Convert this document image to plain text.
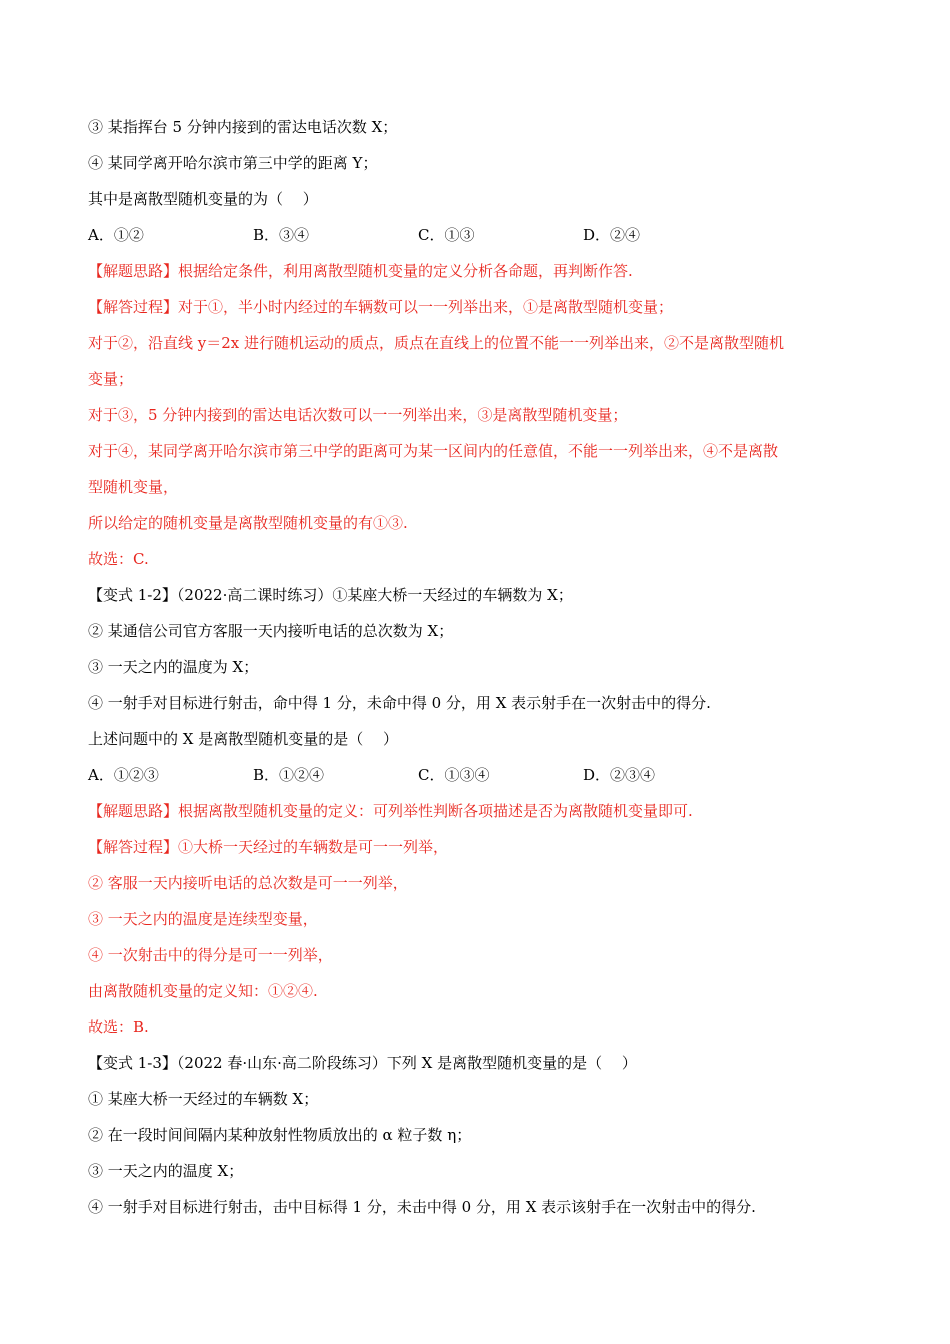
③ 某指挥台 5 分钟内接到的雷达电话次数 X；
④ 某同学离开哈尔滨市第三中学的距离 Y；
其中是离散型随机变量的为（　 ）
A．①②	B．③④	C．①③	D．②④
【解题思路】根据给定条件，利用离散型随机变量的定义分析各命题，再判断作答.
【解答过程】对于①，半小时内经过的车辆数可以一一列举出来，①是离散型随机变量；
对于②，沿直线 y＝2x 进行随机运动的质点，质点在直线上的位置不能一一列举出来，②不是离散型随机
变量；
对于③，5 分钟内接到的雷达电话次数可以一一列举出来，③是离散型随机变量；
对于④，某同学离开哈尔滨市第三中学的距离可为某一区间内的任意值，不能一一列举出来，④不是离散
型随机变量，
所以给定的随机变量是离散型随机变量的有①③.
故选：C.
【变式 1-2】（2022·高二课时练习）①某座大桥一天经过的车辆数为 X；
② 某通信公司官方客服一天内接听电话的总次数为 X；
③ 一天之内的温度为 X；
④ 一射手对目标进行射击，命中得 1 分，未命中得 0 分，用 X 表示射手在一次射击中的得分.
上述问题中的 X 是离散型随机变量的是（　 ）
A．①②③	B．①②④	C．①③④	D．②③④
【解题思路】根据离散型随机变量的定义：可列举性判断各项描述是否为离散随机变量即可.
【解答过程】①大桥一天经过的车辆数是可一一列举，
② 客服一天内接听电话的总次数是可一一列举，
③ 一天之内的温度是连续型变量，
④ 一次射击中的得分是可一一列举，
由离散随机变量的定义知：①②④.
故选：B.
【变式 1-3】（2022 春·山东·高二阶段练习）下列 X 是离散型随机变量的是（　 ）
① 某座大桥一天经过的车辆数 X；
② 在一段时间间隔内某种放射性物质放出的 α 粒子数 η；
③ 一天之内的温度 X；
④ 一射手对目标进行射击，击中目标得 1 分，未击中得 0 分，用 X 表示该射手在一次射击中的得分.
